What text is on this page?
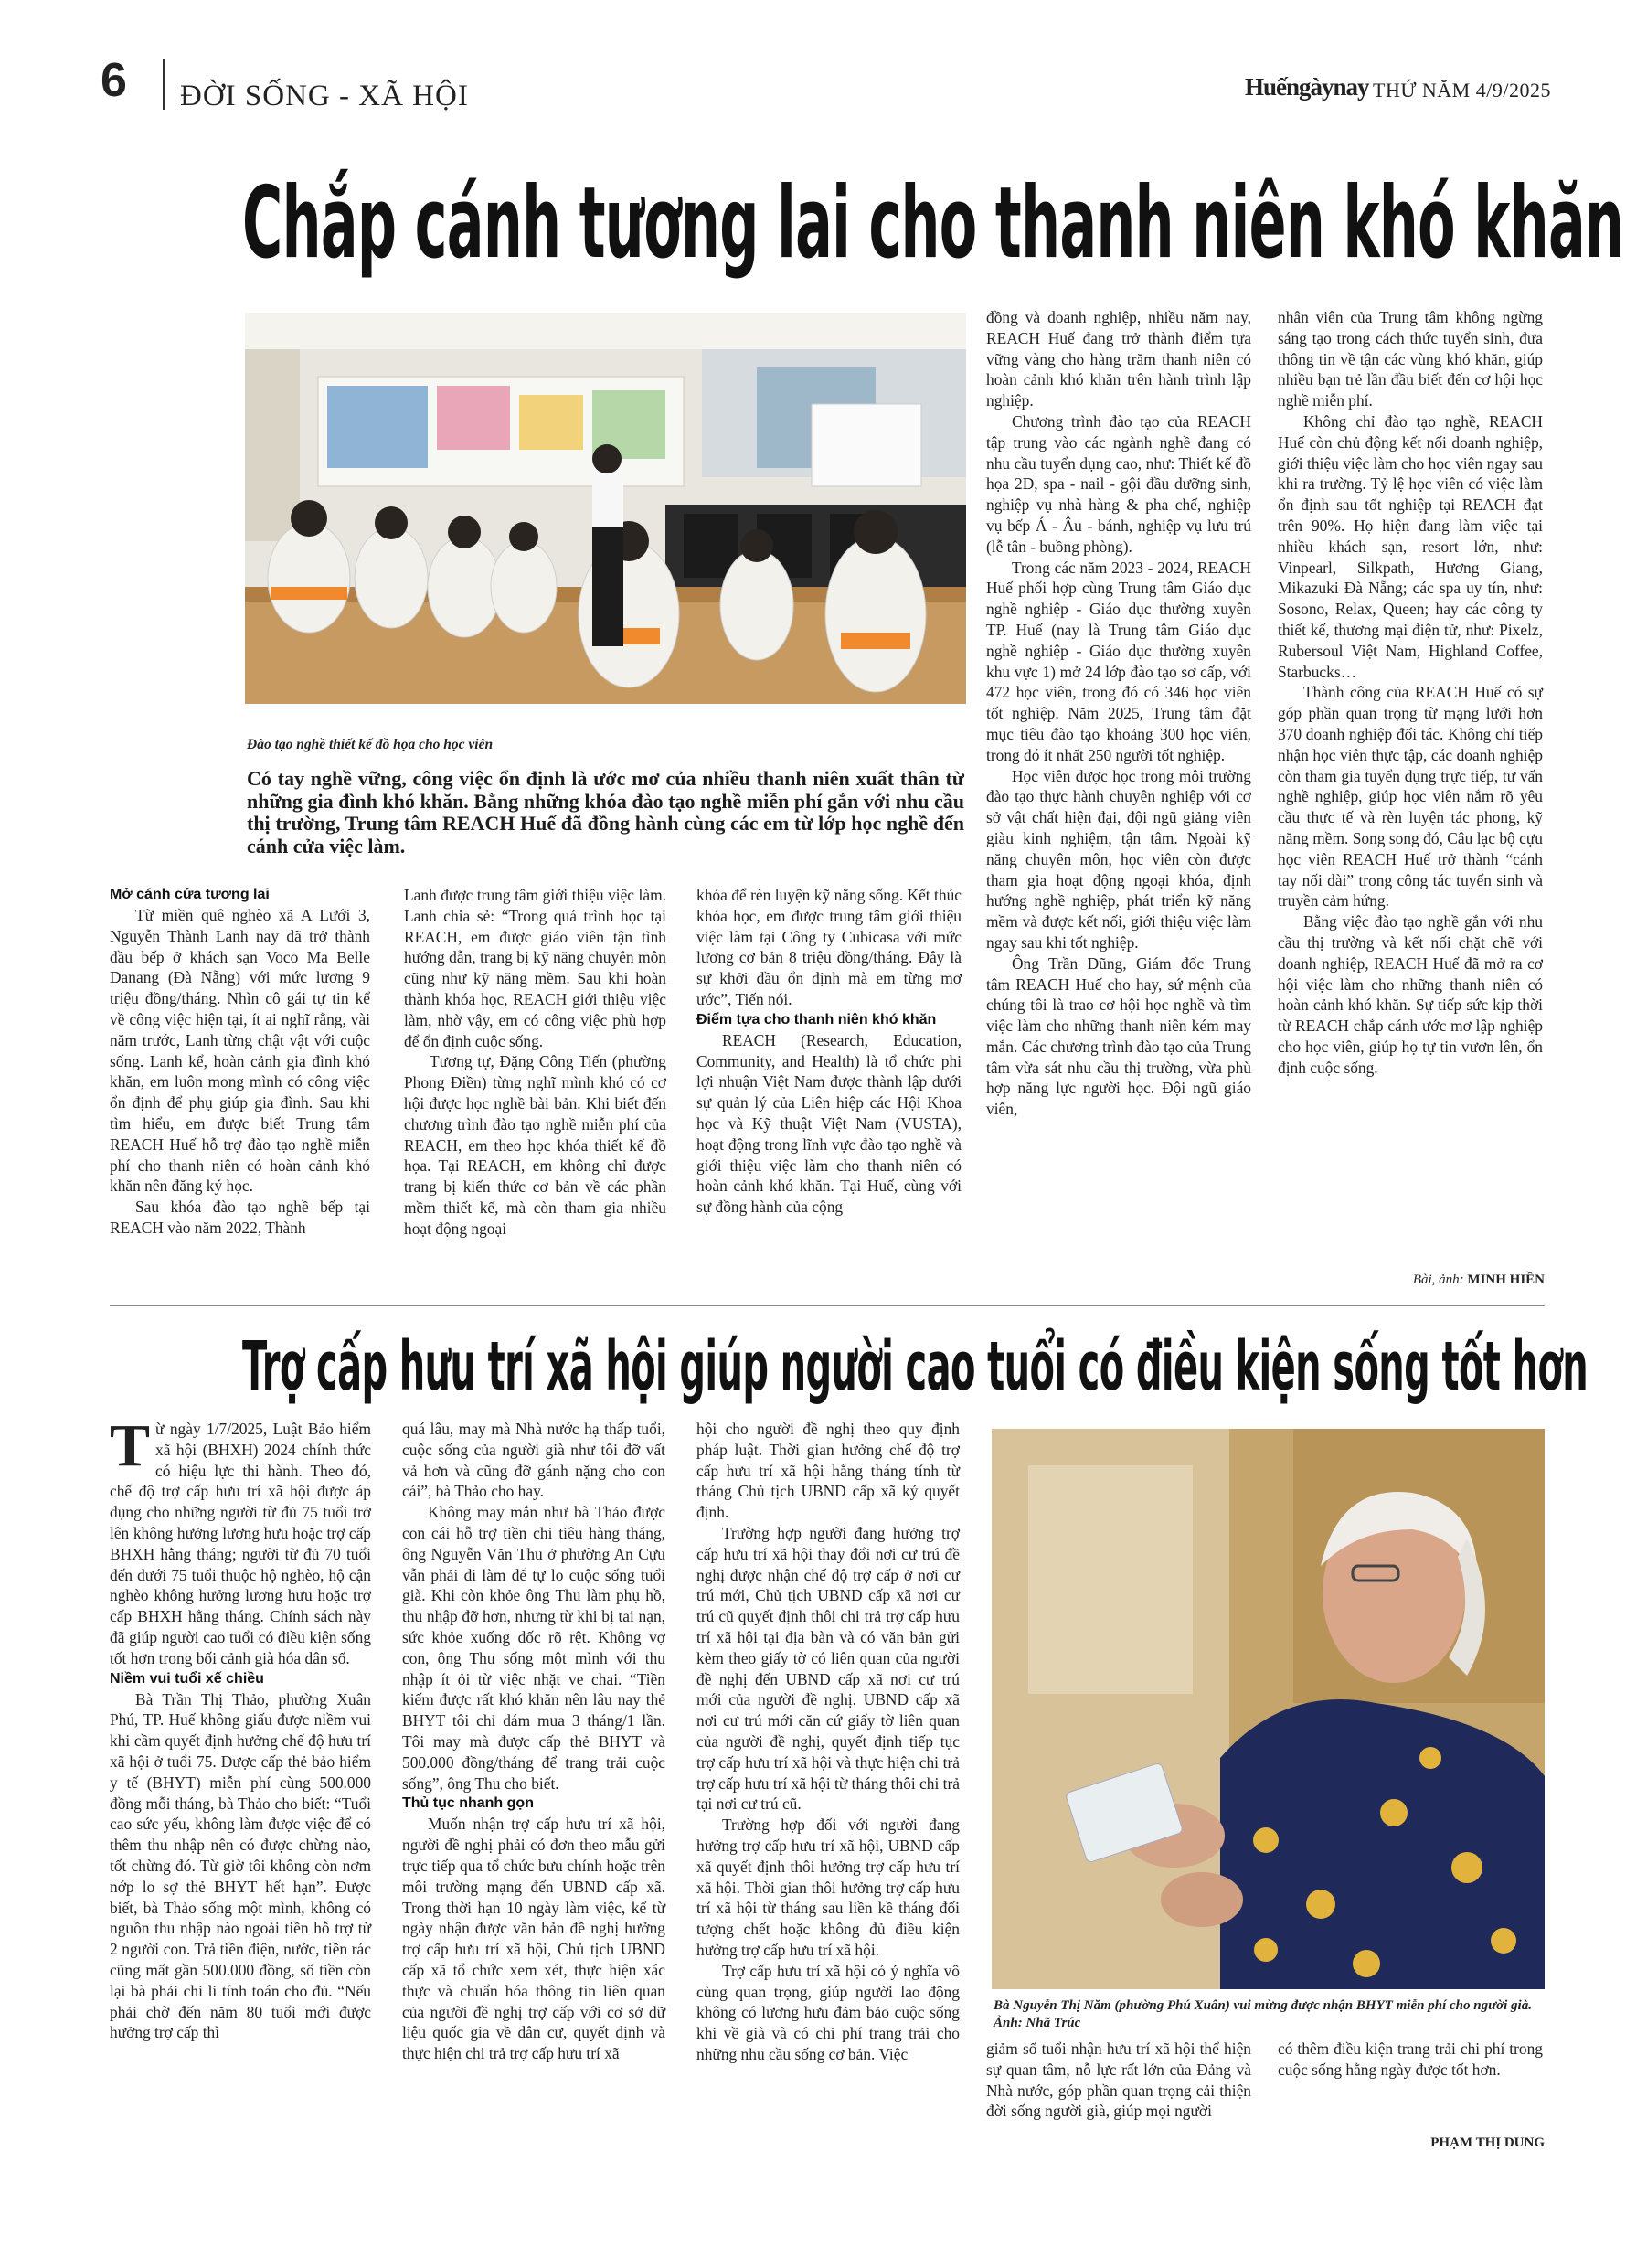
6 ĐỜI SỐNG - XÃ HỘI	Huếngàynay THỨ NĂM 4/9/2025
Chắp cánh tương lai cho thanh niên khó khăn
Đào tạo nghề thiết kế đồ họa cho học viên
Có tay nghề vững, công việc ổn định là ước mơ của nhiều thanh niên xuất thân từ những gia đình khó khăn. Bằng những khóa đào tạo nghề miễn phí gắn với nhu cầu thị trường, Trung tâm REACH Huế đã đồng hành cùng các em từ lớp học nghề đến cánh cửa việc làm.

Mở cánh cửa tương lai

Từ miền quê nghèo xã A Lưới 3, Nguyễn Thành Lanh nay đã trở thành đầu bếp ở khách sạn Voco Ma Belle Danang (Đà Nẵng) với mức lương 9 triệu đồng/tháng. Nhìn cô gái tự tin kể về công việc hiện tại, ít ai nghĩ rằng, vài năm trước, Lanh từng chật vật với cuộc sống. Lanh kể, hoàn cảnh gia đình khó khăn, em luôn mong mình có công việc ổn định để phụ giúp gia đình. Sau khi tìm hiểu, em được biết Trung tâm REACH Huế hỗ trợ đào tạo nghề miễn phí cho thanh niên có hoàn cảnh khó khăn nên đăng ký học.

Sau khóa đào tạo nghề bếp tại REACH vào năm 2022, Thành

Lanh được trung tâm giới thiệu việc làm. Lanh chia sẻ: “Trong quá trình học tại REACH, em được giáo viên tận tình hướng dẫn, trang bị kỹ năng chuyên môn cũng như kỹ năng mềm. Sau khi hoàn thành khóa học, REACH giới thiệu việc làm, nhờ vậy, em có công việc phù hợp để ổn định cuộc sống.

Tương tự, Đặng Công Tiến (phường Phong Điền) từng nghĩ mình khó có cơ hội được học nghề bài bản. Khi biết đến chương trình đào tạo nghề miễn phí của REACH, em theo học khóa thiết kế đồ họa. Tại REACH, em không chỉ được trang bị kiến thức cơ bản về các phần mềm thiết kế, mà còn tham gia nhiều hoạt động ngoại

khóa để rèn luyện kỹ năng sống. Kết thúc khóa học, em được trung tâm giới thiệu việc làm tại Công ty Cubicasa với mức lương cơ bản 8 triệu đồng/tháng. Đây là sự khởi đầu ổn định mà em từng mơ ước”, Tiến nói.

Điểm tựa cho thanh niên khó khăn

REACH (Research, Education, Community, and Health) là tổ chức phi lợi nhuận Việt Nam được thành lập dưới sự quản lý của Liên hiệp các Hội Khoa học và Kỹ thuật Việt Nam (VUSTA), hoạt động trong lĩnh vực đào tạo nghề và giới thiệu việc làm cho thanh niên có hoàn cảnh khó khăn. Tại Huế, cùng với sự đồng hành của cộng

đồng và doanh nghiệp, nhiều năm nay, REACH Huế đang trở thành điểm tựa vững vàng cho hàng trăm thanh niên có hoàn cảnh khó khăn trên hành trình lập nghiệp.

Chương trình đào tạo của REACH tập trung vào các ngành nghề đang có nhu cầu tuyển dụng cao, như: Thiết kế đồ họa 2D, spa - nail - gội đầu dưỡng sinh, nghiệp vụ nhà hàng & pha chế, nghiệp vụ bếp Á - Âu - bánh, nghiệp vụ lưu trú (lễ tân - buồng phòng).

Trong các năm 2023 - 2024, REACH Huế phối hợp cùng Trung tâm Giáo dục nghề nghiệp - Giáo dục thường xuyên TP. Huế (nay là Trung tâm Giáo dục nghề nghiệp - Giáo dục thường xuyên khu vực 1) mở 24 lớp đào tạo sơ cấp, với 472 học viên, trong đó có 346 học viên tốt nghiệp. Năm 2025, Trung tâm đặt mục tiêu đào tạo khoảng 300 học viên, trong đó ít nhất 250 người tốt nghiệp.

Học viên được học trong môi trường đào tạo thực hành chuyên nghiệp với cơ sở vật chất hiện đại, đội ngũ giảng viên giàu kinh nghiệm, tận tâm. Ngoài kỹ năng chuyên môn, học viên còn được tham gia hoạt động ngoại khóa, định hướng nghề nghiệp, phát triển kỹ năng mềm và được kết nối, giới thiệu việc làm ngay sau khi tốt nghiệp.

Ông Trần Dũng, Giám đốc Trung tâm REACH Huế cho hay, sứ mệnh của chúng tôi là trao cơ hội học nghề và tìm việc làm cho những thanh niên kém may mắn. Các chương trình đào tạo của Trung tâm vừa sát nhu cầu thị trường, vừa phù hợp năng lực người học. Đội ngũ giáo viên,

nhân viên của Trung tâm không ngừng sáng tạo trong cách thức tuyển sinh, đưa thông tin về tận các vùng khó khăn, giúp nhiều bạn trẻ lần đầu biết đến cơ hội học nghề miễn phí.

Không chỉ đào tạo nghề, REACH Huế còn chủ động kết nối doanh nghiệp, giới thiệu việc làm cho học viên ngay sau khi ra trường. Tỷ lệ học viên có việc làm ổn định sau tốt nghiệp tại REACH đạt trên 90%. Họ hiện đang làm việc tại nhiều khách sạn, resort lớn, như: Vinpearl, Silkpath, Hương Giang, Mikazuki Đà Nẵng; các spa uy tín, như: Sosono, Relax, Queen; hay các công ty thiết kế, thương mại điện tử, như: Pixelz, Rubersoul Việt Nam, Highland Coffee, Starbucks…

Thành công của REACH Huế có sự góp phần quan trọng từ mạng lưới hơn 370 doanh nghiệp đối tác. Không chỉ tiếp nhận học viên thực tập, các doanh nghiệp còn tham gia tuyển dụng trực tiếp, tư vấn nghề nghiệp, giúp học viên nắm rõ yêu cầu thực tế và rèn luyện tác phong, kỹ năng mềm. Song song đó, Câu lạc bộ cựu học viên REACH Huế trở thành “cánh tay nối dài” trong công tác tuyển sinh và truyền cảm hứng.

Bằng việc đào tạo nghề gắn với nhu cầu thị trường và kết nối chặt chẽ với doanh nghiệp, REACH Huế đã mở ra cơ hội việc làm cho những thanh niên có hoàn cảnh khó khăn. Sự tiếp sức kịp thời từ REACH chắp cánh ước mơ lập nghiệp cho học viên, giúp họ tự tin vươn lên, ổn định cuộc sống.

Bài, ảnh: MINH HIỀN
Trợ cấp hưu trí xã hội giúp người cao tuổi có điều kiện sống tốt hơn

Từ ngày 1/7/2025, Luật Bảo hiểm xã hội (BHXH) 2024 chính thức có hiệu lực thi hành. Theo đó, chế độ trợ cấp hưu trí xã hội được áp dụng cho những người từ đủ 75 tuổi trở lên không hưởng lương hưu hoặc trợ cấp BHXH hằng tháng; người từ đủ 70 tuổi đến dưới 75 tuổi thuộc hộ nghèo, hộ cận nghèo không hưởng lương hưu hoặc trợ cấp BHXH hằng tháng. Chính sách này đã giúp người cao tuổi có điều kiện sống tốt hơn trong bối cảnh già hóa dân số.

Niềm vui tuổi xế chiều

Bà Trần Thị Thảo, phường Xuân Phú, TP. Huế không giấu được niềm vui khi cầm quyết định hưởng chế độ hưu trí xã hội ở tuổi 75. Được cấp thẻ bảo hiểm y tế (BHYT) miễn phí cùng 500.000 đồng mỗi tháng, bà Thảo cho biết: “Tuổi cao sức yếu, không làm được việc để có thêm thu nhập nên có được chừng nào, tốt chừng đó. Từ giờ tôi không còn nơm nớp lo sợ thẻ BHYT hết hạn”. Được biết, bà Thảo sống một mình, không có nguồn thu nhập nào ngoài tiền hỗ trợ từ 2 người con. Trả tiền điện, nước, tiền rác cũng mất gần 500.000 đồng, số tiền còn lại bà phải chi li tính toán cho đủ. “Nếu phải chờ đến năm 80 tuổi mới được hưởng trợ cấp thì

quá lâu, may mà Nhà nước hạ thấp tuổi, cuộc sống của người già như tôi đỡ vất vả hơn và cũng đỡ gánh nặng cho con cái”, bà Thảo cho hay.

Không may mắn như bà Thảo được con cái hỗ trợ tiền chi tiêu hàng tháng, ông Nguyễn Văn Thu ở phường An Cựu vẫn phải đi làm để tự lo cuộc sống tuổi già. Khi còn khỏe ông Thu làm phụ hồ, thu nhập đỡ hơn, nhưng từ khi bị tai nạn, sức khỏe xuống dốc rõ rệt. Không vợ con, ông Thu sống một mình với thu nhập ít ỏi từ việc nhặt ve chai. “Tiền kiếm được rất khó khăn nên lâu nay thẻ BHYT tôi chỉ dám mua 3 tháng/1 lần. Tôi may mà được cấp thẻ BHYT và 500.000 đồng/tháng để trang trải cuộc sống”, ông Thu cho biết.

Thủ tục nhanh gọn

Muốn nhận trợ cấp hưu trí xã hội, người đề nghị phải có đơn theo mẫu gửi trực tiếp qua tổ chức bưu chính hoặc trên môi trường mạng đến UBND cấp xã. Trong thời hạn 10 ngày làm việc, kể từ ngày nhận được văn bản đề nghị hưởng trợ cấp hưu trí xã hội, Chủ tịch UBND cấp xã tổ chức xem xét, thực hiện xác thực và chuẩn hóa thông tin liên quan của người đề nghị trợ cấp với cơ sở dữ liệu quốc gia về dân cư, quyết định và thực hiện chi trả trợ cấp hưu trí xã

hội cho người đề nghị theo quy định pháp luật. Thời gian hưởng chế độ trợ cấp hưu trí xã hội hằng tháng tính từ tháng Chủ tịch UBND cấp xã ký quyết định.

Trường hợp người đang hưởng trợ cấp hưu trí xã hội thay đổi nơi cư trú đề nghị được nhận chế độ trợ cấp ở nơi cư trú mới, Chủ tịch UBND cấp xã nơi cư trú cũ quyết định thôi chi trả trợ cấp hưu trí xã hội tại địa bàn và có văn bản gửi kèm theo giấy tờ có liên quan của người đề nghị đến UBND cấp xã nơi cư trú mới của người đề nghị. UBND cấp xã nơi cư trú mới căn cứ giấy tờ liên quan của người đề nghị, quyết định tiếp tục trợ cấp hưu trí xã hội và thực hiện chi trả trợ cấp hưu trí xã hội từ tháng thôi chi trả tại nơi cư trú cũ.

Trường hợp đối với người đang hưởng trợ cấp hưu trí xã hội, UBND cấp xã quyết định thôi hưởng trợ cấp hưu trí xã hội. Thời gian thôi hưởng trợ cấp hưu trí xã hội từ tháng sau liền kề tháng đối tượng chết hoặc không đủ điều kiện hưởng trợ cấp hưu trí xã hội.

Trợ cấp hưu trí xã hội có ý nghĩa vô cùng quan trọng, giúp người lao động không có lương hưu đảm bảo cuộc sống khi về già và có chi phí trang trải cho những nhu cầu sống cơ bản. Việc

Bà Nguyễn Thị Năm (phường Phú Xuân) vui mừng được nhận BHYT miễn phí cho người già. Ảnh: Nhã Trúc

giảm số tuổi nhận hưu trí xã hội thể hiện sự quan tâm, nỗ lực rất lớn của Đảng và Nhà nước, góp phần quan trọng cải thiện đời sống người già, giúp mọi người

có thêm điều kiện trang trải chi phí trong cuộc sống hằng ngày được tốt hơn.

PHẠM THỊ DUNG
